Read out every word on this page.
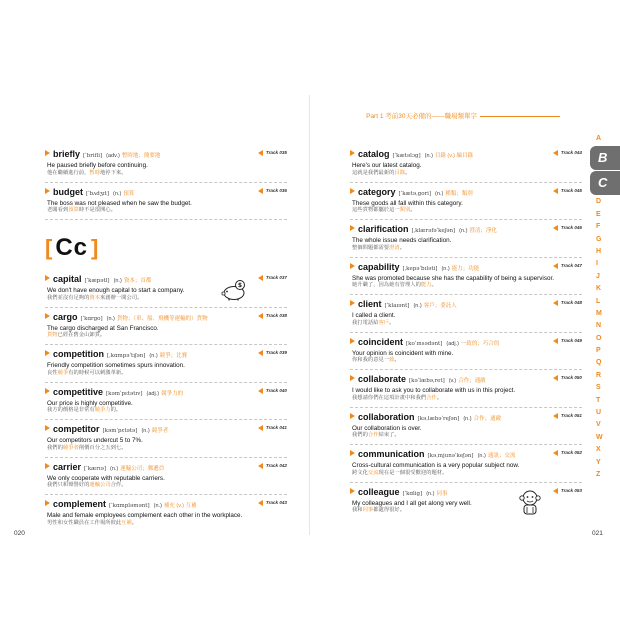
briefly [ˈbrifli] (adv.) 暫時地；簡要地
Track 035
He paused briefly before continuing.
他在繼續進行前，暫時地停下來。
budget [ˈbʌdʒɪt] (n.) 預算
Track 036
The boss was not pleased when he saw the budget.
老闆看到預算時不是很開心。
[ Cc ]
capital [ˈkæpətl] (n.) 資本；首都
Track 037
We don't have enough capital to start a company.
我們並沒有足夠的資本來創辦一間公司。
$
cargo [ˈkɑrgo] (n.) 貨物；（車、船、飛機等運輸的）貨物
Track 038
The cargo discharged at San Francisco.
貨物已經在舊金山卸貨。
competition [ˌkɑmpəˈtɪʃən] (n.) 競爭；比賽
Track 039
Friendly competition sometimes spurs innovation.
良性競爭有的時候可以刺激革新。
competitive [kəmˈpɛtətɪv] (adj.) 競爭力的
Track 040
Our price is highly competitive.
我方的價格是非常有競爭力的。
competitor [kəmˈpɛtətə] (n.) 競爭者
Track 041
Our competitors undercut 5 to 7%.
我們的競爭者削價百分之五到七。
carrier [ˈkærɪə] (n.) 運輸公司；郵遞員
Track 042
We only cooperate with reputable carriers.
我們只和聲譽好的運輸公司合作。
complement [ˈkɑmpləmənt] (n.) 補充 (v.) 互補
Track 043
Male and female employees complement each other in the workplace.
男性和女性職員在工作場所彼此互補。
020
Part 1 考前30天必備的——職場類單字
catalog [ˈkætəlɔg] (n.) 目錄 (v.) 編目錄
Track 044
Here's our latest catalog.
這就是我們最新的目錄。
category [ˈkætəˌgori] (n.) 種類；類別
Track 045
These goods all fall within this category.
這些貨物都屬於這一類別。
clarification [ˌklærəfəˈkeʃən] (n.) 澄清；淨化
Track 046
The whole issue needs clarification.
整個問題都需要澄清。
capability [ˌkepəˈbɪləti] (n.) 能力；功能
Track 047
She was promoted because she has the capability of being a supervisor.
她升職了，因為她有管理人的能力。
client [ˈklaɪənt] (n.) 客戶；委託人
Track 048
I called a client.
我打電話給客戶。
coincident [koˈɪnsədənt] (adj.) 一致的；巧合的
Track 049
Your opinion is coincident with mine.
你和我的意見一致。
collaborate [kəˈlæbəˌret] (v.) 合作；通敵
Track 050
I would like to ask you to collaborate with us in this project.
我想請你們在這項計畫中和我們合作。
collaboration [kəˌlæbəˈreʃən] (n.) 合作；通敵
Track 051
Our collaboration is over.
我們的合作結束了。
communication [kəˌmjunəˈkeʃən] (n.) 通訊；交流
Track 052
Cross-cultural communication is a very popular subject now.
跨文化交流現在是一個很受歡迎的題材。
colleague [ˈkɑlig] (n.) 同事
Track 053
My colleagues and I all get along very well.
我和同事都處得很好。
A
B
C
D
E
F
G
H
I
J
K
L
M
N
O
P
Q
R
S
T
U
V
W
X
Y
Z
021
